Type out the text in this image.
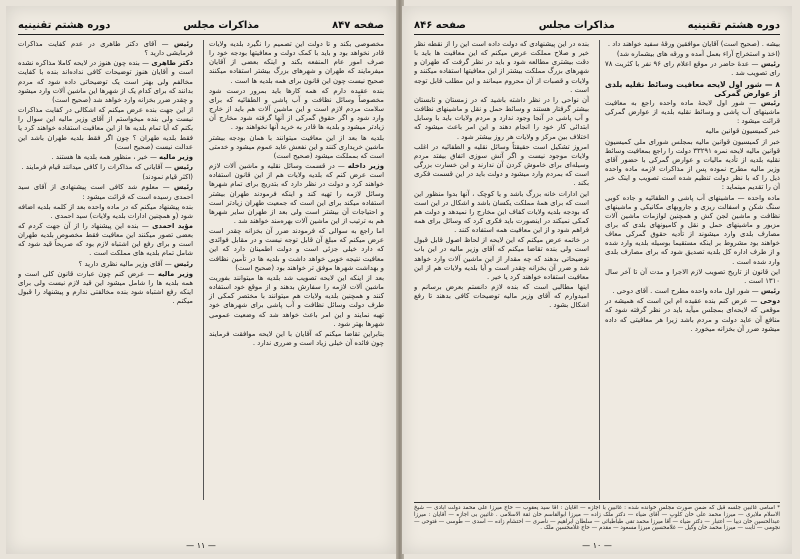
صفحه ۸۴۷
مذاکرات مجلس
دوره هشتم تقنینیه

مخصوصی بکند و تا دولت این تصمیم را نگیرد بلدیه ولایات قادر نخواهد بود و باید با کمک دولت و معافیتها بودجه خود را صرف امور عام المنفعه بکند و اینکه بعضی از آقایان میفرمایند که طهران و شهرهای بزرگ بیشتر استفاده میکنند صحیح نیست چون این قانون برای همه بلدیه ها است .

بنده عقیده دارم که همه کارها باید بمرور درست شود مخصوصاً وسائل نظافت و آب پاشی و الطفائیه که برای سلامت مردم لازم است و این ماشین آلات هم باید از خارج وارد شود و اگر حقوق گمرکی از آنها گرفته شود مخارج آن زیادتر میشود و بلدیه ها قادر به خرید آنها نخواهند بود .

بلدیه ها بعد از این معافیت میتوانند با همان بودجه بیشتر ماشین خریداری کنند و این نفعش عاید عموم میشود و خدمتی است که بمملکت میشود (صحیح است)

وزیر داخله — در قسمت وسائل نقلیه و ماشین آلات لازم است عرض کنم که بلدیه ولایات هم از این قانون استفاده خواهند کرد و دولت در نظر دارد که بتدریج برای تمام شهرها وسائل لازمه را تهیه کند و اینکه فرمودند طهران بیشتر استفاده میکند برای این است که جمعیت طهران زیادتر است و احتیاجات آن بیشتر است ولی بعد از طهران سایر شهرها هم به ترتیب از این ماشین آلات بهره‌مند خواهند شد .

اما راجع به سوالی که فرمودند ضرر آن بخزانه چقدر است عرض میکنم که مبلغ آن قابل توجه نیست و در مقابل فوائدی که دارد خیلی جزئی است و دولت اطمینان دارد که این معافیت نتیجه خوبی خواهد داشت و بلدیه ها در تأمین نظافت و بهداشت شهرها موفق تر خواهند بود (صحیح است)

بعد از اینکه این لایحه تصویب شد بلدیه ها میتوانند بفوریت ماشین آلات لازمه را سفارش بدهند و از موقع خود استفاده کنند و همچنین بلدیه ولایات هم میتوانند با مختصر کمکی از طرف دولت وسائل نظافت و آب پاشی برای شهرهای خود تهیه نمایند و این امر باعث خواهد شد که وضعیت عمومی شهرها بهتر شود .

بنابراین تقاضا میکنم که آقایان با این لایحه موافقت فرمایند چون فائده آن خیلی زیاد است و ضرری ندارد .

رئیس — آقای دکتر طاهری در عدم کفایت مذاکرات فرمایشی دارید ؟

دکتر طاهری — بنده چون هنوز در لایحه کاملا مذاکره نشده است و آقایان هنوز توضیحات کافی نداده‌اند بنده با کفایت مخالفم ولی بهتر است یک توضیحاتی داده شود که مردم بدانند که برای کدام یک از شهرها این ماشین آلات وارد میشود و چقدر ضرر بخزانه وارد خواهد شد (صحیح است)

از این جهت بنده عرض میکنم که اشکالی در کفایت مذاکرات نیست ولی بنده میخواستم از آقای وزیر مالیه این سوال را بکنم که آیا تمام بلدیه ها از این معافیت استفاده خواهند کرد یا فقط بلدیه طهران ؟ چون اگر فقط بلدیه طهران باشد این عدالت نیست (صحیح است)

وزیر مالیه — خیر ، منظور همه بلدیه ها هستند .

رئیس — آقایانی که مذاکرات را کافی میدانند قیام فرمایند .

(اکثر قیام نمودند)

رئیس — معلوم شد کافی است پیشنهادی از آقای سید احمدی رسیده است که قرائت میشود :

بنده پیشنهاد میکنم که در ماده واحده بعد از کلمه بلدیه اضافه شود (و همچنین ادارات بلدیه ولایات) سید احمدی .

مؤید احمدی — بنده این پیشنهاد را از آن جهت کردم که بعضی تصور میکنند این معافیت فقط مخصوص بلدیه طهران است و برای رفع این اشتباه لازم بود که صریحاً قید شود که شامل تمام بلدیه های مملکت است .

رئیس — آقای وزیر مالیه نظری دارید ؟

وزیر مالیه — عرض کنم چون عبارت قانون کلی است و همه بلدیه ها را شامل میشود این قید لازم نیست ولی برای اینکه رفع اشتباه شود بنده مخالفتی ندارم و پیشنهاد را قبول میکنم .

— ۱۱ —
دوره هشتم تقنینیه
مذاکرات مجلس
صفحه ۸۴۶

بیشه . (صحیح است) آقایان موافقین ورقهٔ سفید خواهند داد .

(اخذ و استخراج آراء بعمل آمده و ورقه های بیشماره شد)

رئیس — عدهٔ حاضر در موقع اعلام رای ۹۶ نفر با کثریت ۷۸ رای تصویب شد .

۸ — شور اول لایحه معافیت وسائط نقلیه بلدی از عوارض گمرکی

رئیس — شور اول لایحهٔ ماده واحده راجع به معافیت ماشینهای آب پاشی و وسائط نقلیه بلدیه از عوارض گمرکی قرائت میشود :

خبر کمیسیون قوانین مالیه

خبر از کمیسیون قوانین مالیه بمجلس شورای ملی کمیسیون قوانین مالیه لایحه نمره ۳۳۲۹۱ دولت را راجع بمعافیت وسائط نقلیه بلدیه از تأدیه مالیات و عوارض گمرکی با حضور آقای وزیر مالیه مطرح نموده پس از مذاکرات لازمه ماده واحده ذیل را که با نظر دولت تنظیم شده است تصویب و اینک خبر آن را تقدیم مینماید :

ماده واحده — ماشینهای آب پاشی و الطفائیه و جاده کوبی سنگ شکن و اسفالت ریزی و جاروبهای مکانیکی و ماشینهای نظافت و ماشین لجن کش و همچنین لوازمات ماشین آلات مزبور و ماشینهای حمل و نقل و کامیونهای بلدی که برای مصارف بلدی وارد میشوند از تأدیه حقوق گمرکی معاف خواهند بود مشروط بر اینکه مستقیما بوسیله بلدیه وارد شده و از طرف اداره کل بلدیه تصدیق شود که برای مصارف بلدی وارد شده است .

این قانون از تاریخ تصویب لازم الاجرا و مدت آن تا آخر سال ۱۳۱۰ است .

رئیس — شور اول ماده واحده مطرح است . آقای دوحی .

دوحی — عرض کنم بنده عقیده ام این است که همیشه در موقعی که لایحه‌ای بمجلس میآید باید در نظر گرفته شود که منافع آن عاید دولت و مردم باشد زیرا هر معافیتی که داده میشود ضرر آن بخزانه میخورد .

بنده در این پیشنهادی که دولت داده است این را از نقطه نظر خیر و صلاح مملکت عرض میکنم که این معافیت ها باید با دقت بیشتری مطالعه شود و باید در نظر گرفت که طهران و شهرهای بزرگ مملکت بیشتر از این معافیتها استفاده میکنند و ولایات و قصبات از آن محروم میمانند و این مطلب قابل توجه است .

آن نواحی را در نظر داشته باشید که در زمستان و تابستان بیشتر گرفتار هستند و وسائط حمل و نقل و ماشینهای نظافت و آب پاشی در آنجا وجود ندارد و مردم ولایات باید با وسایل ابتدائی کار خود را انجام دهند و این امر باعث میشود که اختلاف بین مرکز و ولایات هر روز بیشتر شود .

امروز تشکیل است حقیقتاً وسائل نقلیه و الطفائیه در اغلب ولایات موجود نیست و اگر آتش سوزی اتفاق بیفتد مردم وسیله‌ای برای خاموش کردن آن ندارند و این خسارت بزرگی است که بمردم وارد میشود و دولت باید در این قسمت فکری بکند .

این ادارات خانه بزرگ باشد و یا کوچک ، آنها بدوا منظور این است که برای همهٔ مملکت یکسان باشد و اشکال در این است که بودجه بلدیه ولایات کفاف این مخارج را نمیدهد و دولت هم کمکی نمیکند در اینصورت باید فکری کرد که وسائل برای همه فراهم شود و از این معافیت همه استفاده کنند .

در خاتمه عرض میکنم که این لایحه از لحاظ اصول قابل قبول است ولی بنده تقاضا میکنم که آقای وزیر مالیه در این باب توضیحاتی بدهند که چه مقدار از این ماشین آلات وارد خواهد شد و ضرر آن بخزانه چقدر است و آیا بلدیه ولایات هم از این معافیت استفاده خواهند کرد یا خیر .

اینها مطالبی است که بنده لازم دانستم بعرض برسانم و امیدوارم که آقای وزیر مالیه توضیحات کافی بدهند تا رفع اشکال بشود .

* اسامی غائبین جلسه قبل که ضمن صورت مجلس خوانده شده : غائبین با اجازه — آقایان : آقا سید یعقوب — حاج میرزا علی محمد دولت آبادی — شیخ الاسلام ملایری — میرزا محمد علی خان کلوپ — آقای ضیاء — دکتر ملک زاده — میرزا ابوالقاسم خان ثقة الاسلامی . غائبین بی اجازه — آقایان : میرزا عبدالحسین خان دیبا — اعتبار — دکتر ضیاء — آقا میرزا محمد تقی طباطبائی — سلطان ابراهیم — ناصری — احتشام زاده — اسدی — طوسی — فتوحی — نجومی — ثابت — میرزا محمد خان وکیل — غلامحسین میرزا مسعود — مقدم — حاج غلامحسین ملک .
— ۱۰ —
